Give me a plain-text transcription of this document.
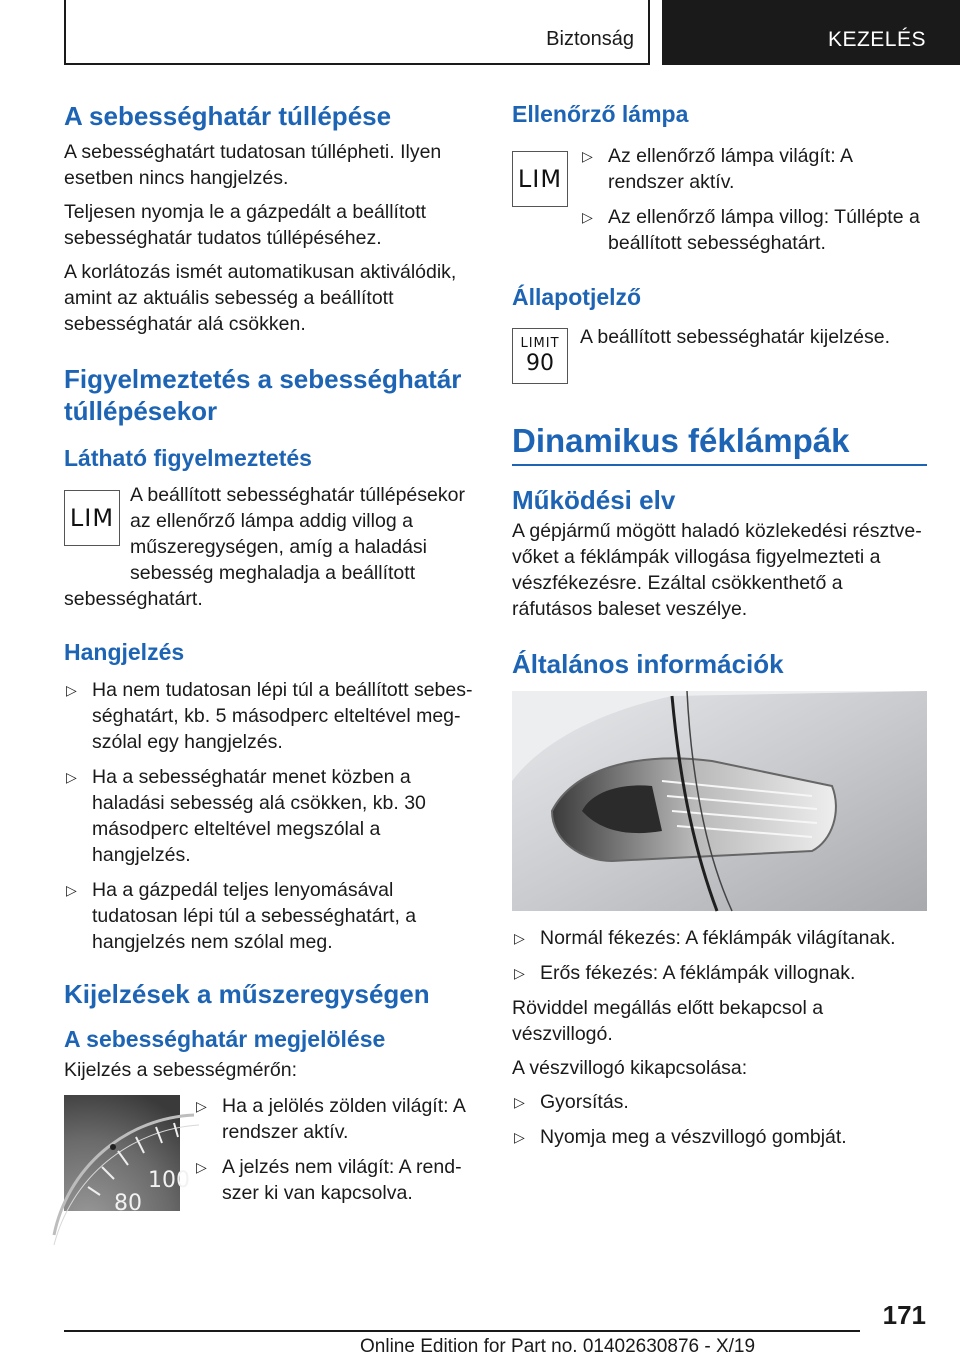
Biztonság	KEZELÉS
A sebességhatár túllépése

A sebességhatárt tudatosan túllépheti. Ilyen esetben nincs hangjelzés.

Teljesen nyomja le a gázpedált a beállított sebességhatár tudatos túllépéséhez.

A korlátozás ismét automatikusan aktiválódik, amint az aktuális sebesség a beállított sebességhatár alá csökken.

Figyelmeztetés a sebességhatár túllépésekor
Látható figyelmeztetés
LIM

A beállított sebességhatár túllépésekor az ellenőrző lámpa addig villog a műszeregységen, amíg a haladási sebesség meghaladja a beállított sebességhatárt.

Hangjelzés
▷ Ha nem tudatosan lépi túl a beállított sebességhatárt, kb. 5 másodperc elteltével megszólal egy hangjelzés.
▷ Ha a sebességhatár menet közben a haladási sebesség alá csökken, kb. 30 másodperc elteltével megszólal a hangjelzés.
▷ Ha a gázpedál teljes lenyomásával tudatosan lépi túl a sebességhatárt, a hangjelzés nem szólal meg.
Kijelzések a műszeregységen
A sebességhatár megjelölése

Kijelzés a sebességmérőn:

100
80
▷ Ha a jelölés zölden világít: A rendszer aktív.
▷ A jelzés nem világít: A rendszer ki van kapcsolva.
Ellenőrző lámpa
LIM
▷ Az ellenőrző lámpa világít: A rendszer aktív.
▷ Az ellenőrző lámpa villog: Túllépte a beállított sebességhatárt.
Állapotjelző
LIMIT
90

A beállított sebességhatár kijelzése.

Dinamikus féklámpák
Működési elv

A gépjármű mögött haladó közlekedési résztvevőket a féklámpák villogása figyelmezteti a vészfékezésre. Ezáltal csökkenthető a ráfutásos baleset veszélye.

Általános információk
▷ Normál fékezés: A féklámpák világítanak.
▷ Erős fékezés: A féklámpák villognak.

Röviddel megállás előtt bekapcsol a vészvillogó.

A vészvillogó kikapcsolása:

▷ Gyorsítás.
▷ Nyomja meg a vészvillogó gombját.
171
Online Edition for Part no. 01402630876 - X/19
